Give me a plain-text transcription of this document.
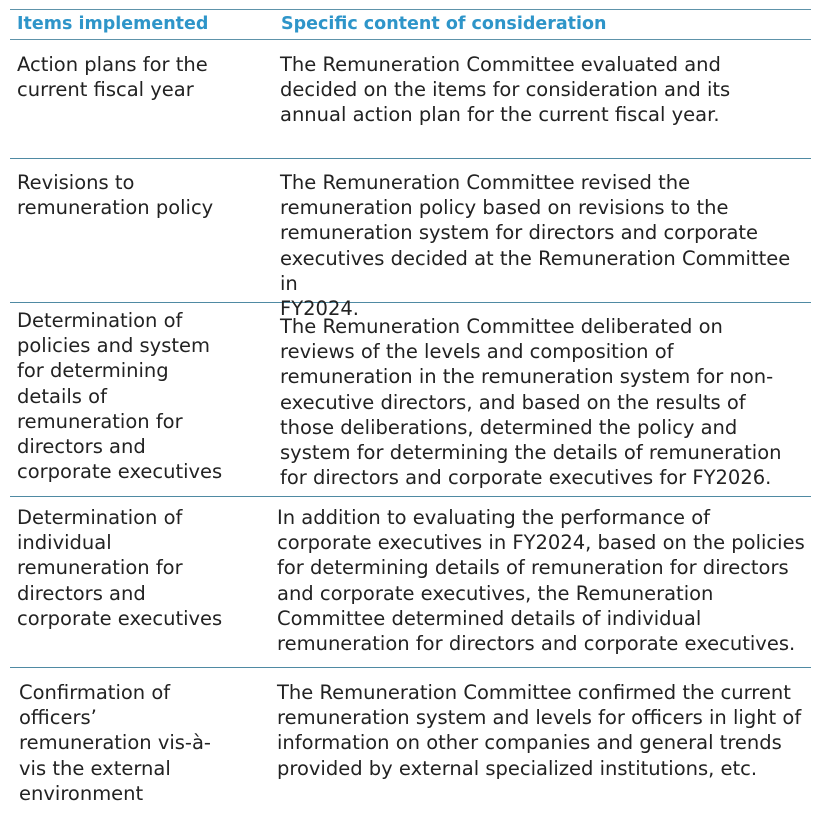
Items implemented	Specific content of consideration

Action plans for the
current fiscal year

The Remuneration Committee evaluated and
decided on the items for consideration and its
annual action plan for the current fiscal year.

Revisions to
remuneration policy

The Remuneration Committee revised the
remuneration policy based on revisions to the
remuneration system for directors and corporate
executives decided at the Remuneration Committee in
FY2024.

Determination of
policies and system
for determining
details of
remuneration for
directors and
corporate executives

The Remuneration Committee deliberated on
reviews of the levels and composition of
remuneration in the remuneration system for non-
executive directors, and based on the results of
those deliberations, determined the policy and
system for determining the details of remuneration
for directors and corporate executives for FY2026.

Determination of
individual
remuneration for
directors and
corporate executives

In addition to evaluating the performance of
corporate executives in FY2024, based on the policies
for determining details of remuneration for directors
and corporate executives, the Remuneration
Committee determined details of individual
remuneration for directors and corporate executives.

Confirmation of
officers’
remuneration vis-à-
vis the external
environment

The Remuneration Committee confirmed the current
remuneration system and levels for officers in light of
information on other companies and general trends
provided by external specialized institutions, etc.
